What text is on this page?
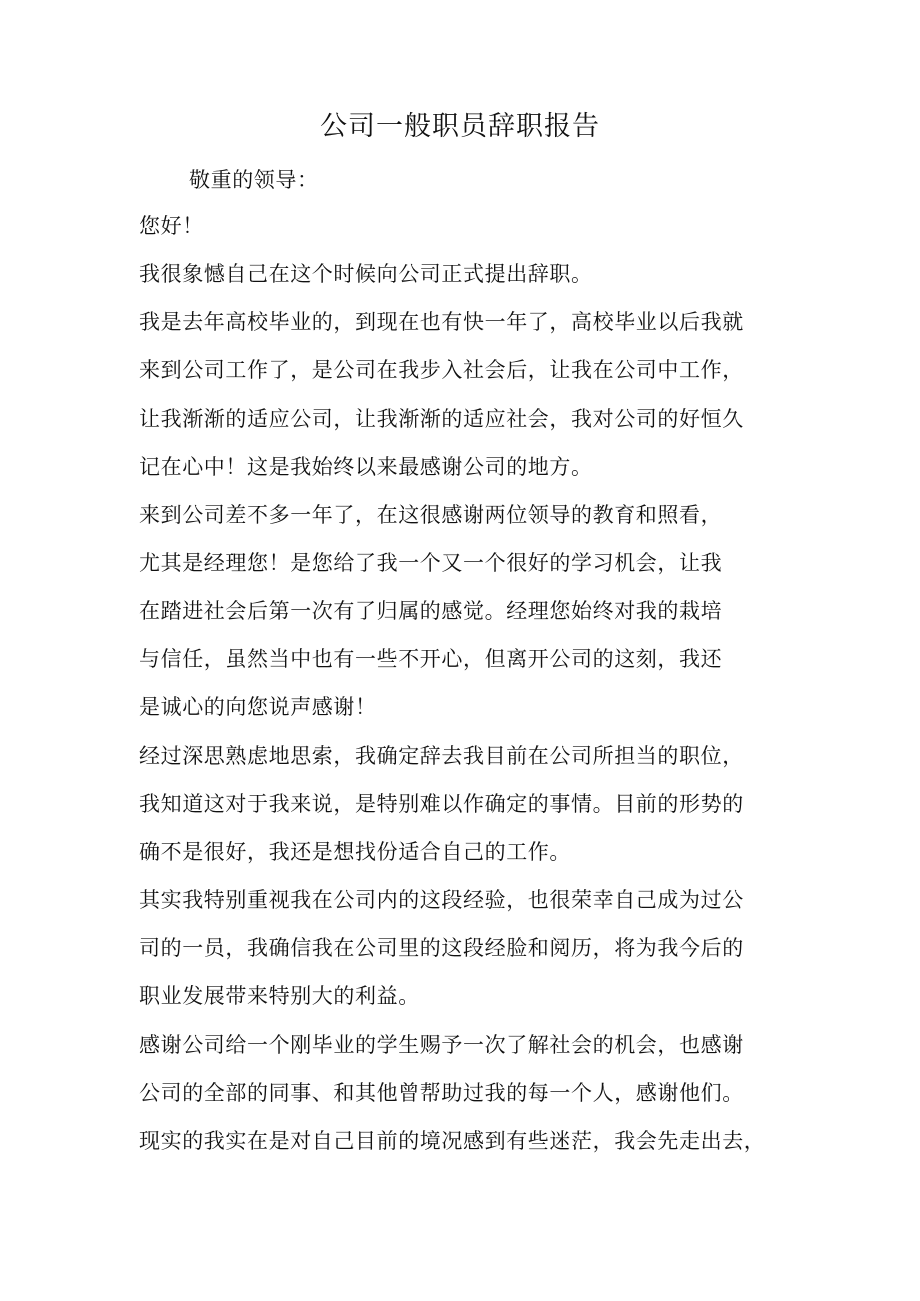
公司一般职员辞职报告
敬重的领导：
您好！
我很象憾自己在这个时候向公司正式提出辞职。
我是去年高校毕业的，到现在也有快一年了，高校毕业以后我就
来到公司工作了，是公司在我步入社会后，让我在公司中工作，
让我渐渐的适应公司，让我渐渐的适应社会，我对公司的好恒久
记在心中！这是我始终以来最感谢公司的地方。
来到公司差不多一年了，在这很感谢两位领导的教育和照看，
尤其是经理您！是您给了我一个又一个很好的学习机会，让我
在踏进社会后第一次有了归属的感觉。经理您始终对我的栽培
与信任，虽然当中也有一些不开心，但离开公司的这刻，我还
是诚心的向您说声感谢！
经过深思熟虑地思索，我确定辞去我目前在公司所担当的职位，
我知道这对于我来说，是特别难以作确定的事情。目前的形势的
确不是很好，我还是想找份适合自己的工作。
其实我特别重视我在公司内的这段经验，也很荣幸自己成为过公
司的一员，我确信我在公司里的这段经脸和阅历，将为我今后的
职业发展带来特别大的利益。
感谢公司给一个刚毕业的学生赐予一次了解社会的机会，也感谢
公司的全部的同事、和其他曾帮助过我的每一个人，感谢他们。
现实的我实在是对自己目前的境况感到有些迷茫，我会先走出去，
